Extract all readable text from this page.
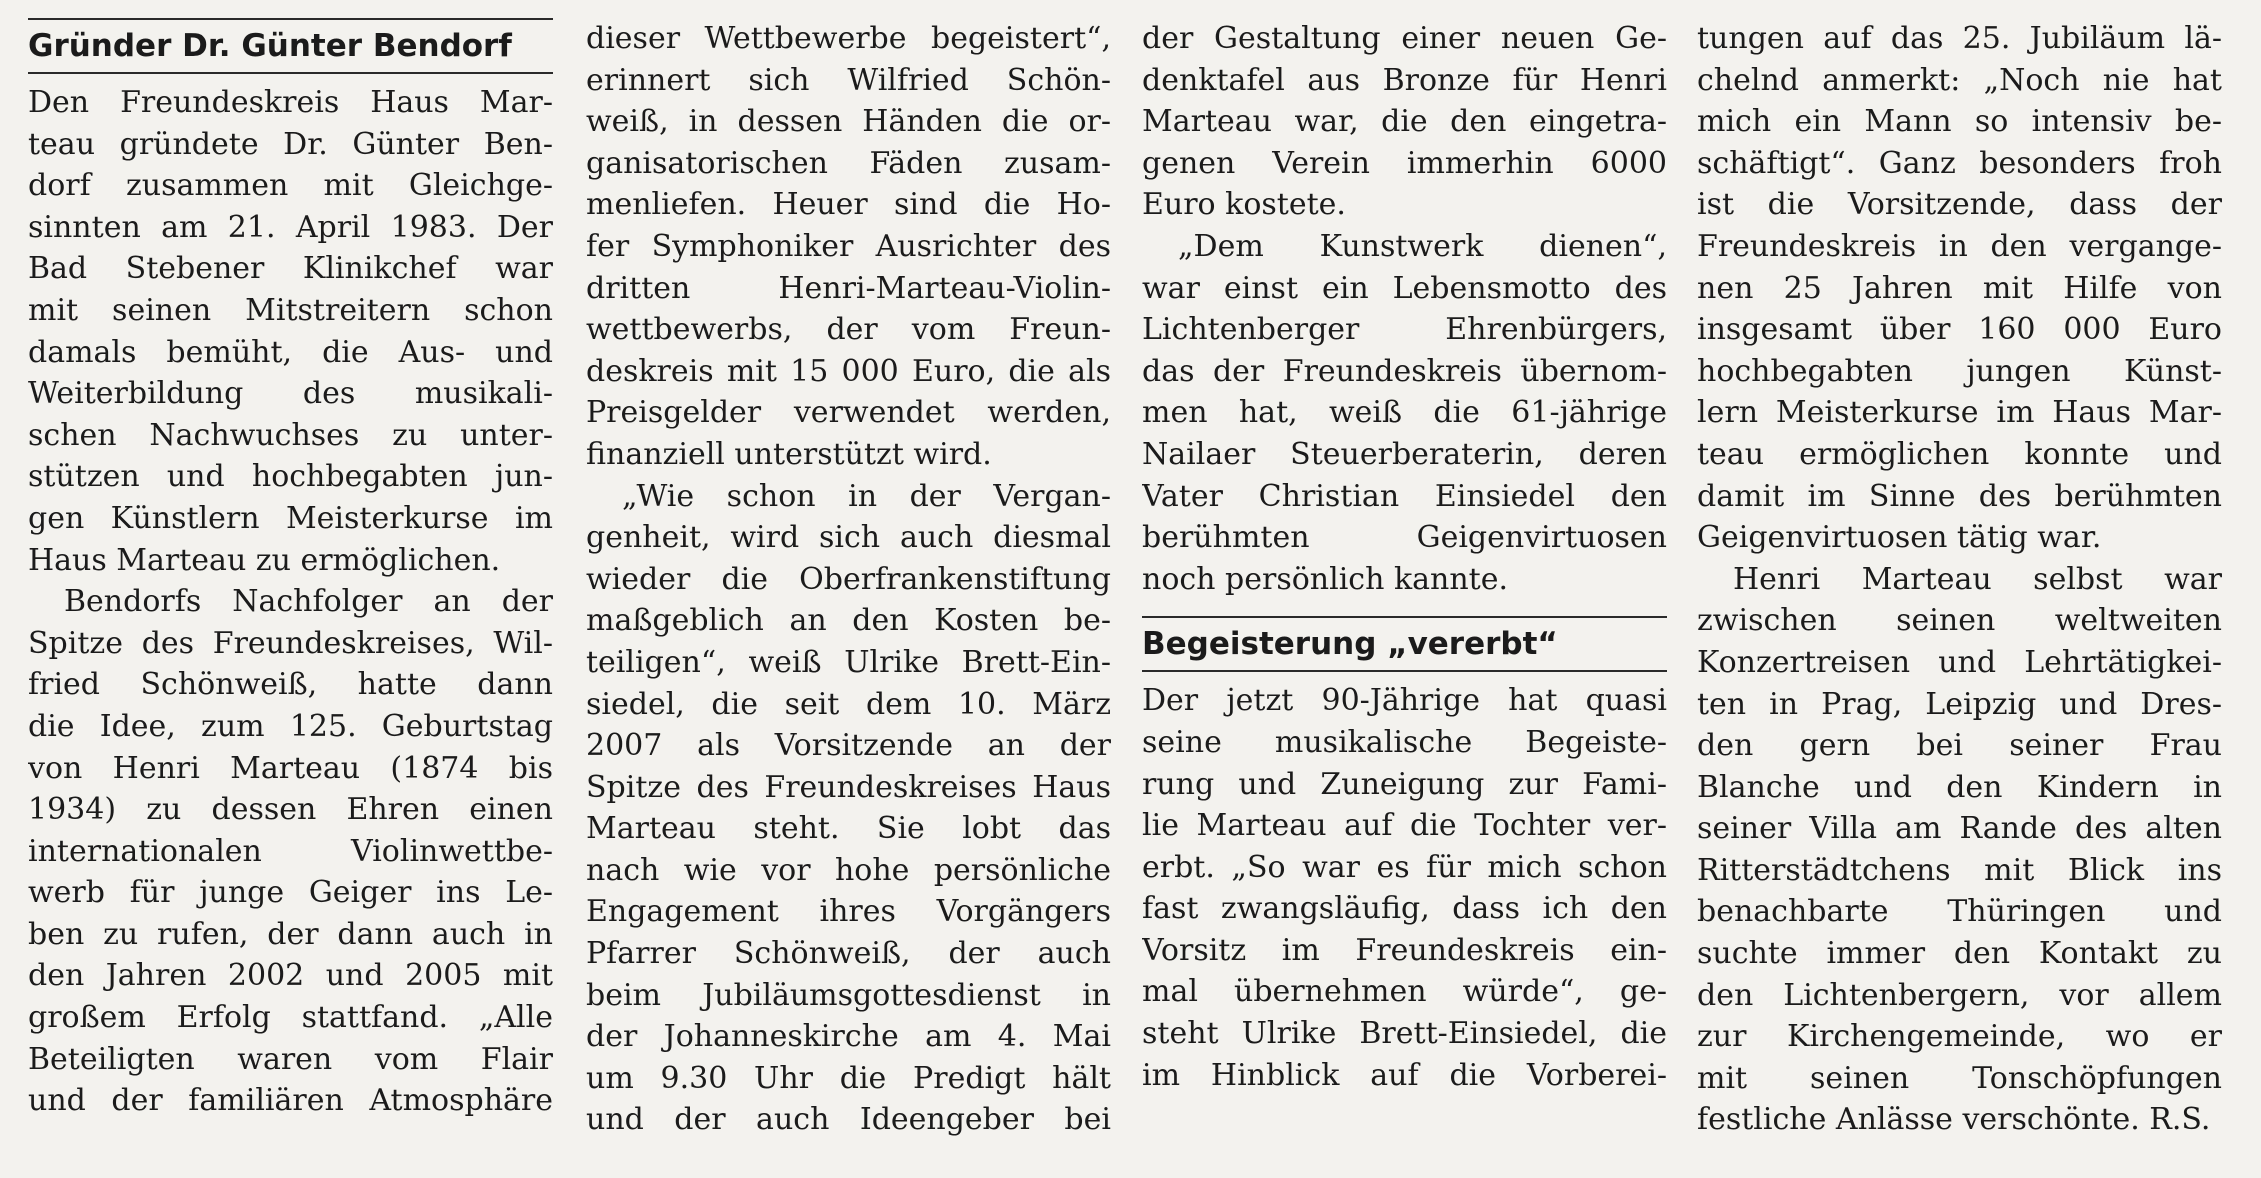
Gründer Dr. Günter Bendorf
Den Freundeskreis Haus Mar-
teau gründete Dr. Günter Ben-
dorf zusammen mit Gleichge-
sinnten am 21. April 1983. Der
Bad Stebener Klinikchef war
mit seinen Mitstreitern schon
damals bemüht, die Aus- und
Weiterbildung des musikali-
schen Nachwuchses zu unter-
stützen und hochbegabten jun-
gen Künstlern Meisterkurse im
Haus Marteau zu ermöglichen.
Bendorfs Nachfolger an der
Spitze des Freundeskreises, Wil-
fried Schönweiß, hatte dann
die Idee, zum 125. Geburtstag
von Henri Marteau (1874 bis
1934) zu dessen Ehren einen
internationalen Violinwettbe-
werb für junge Geiger ins Le-
ben zu rufen, der dann auch in
den Jahren 2002 und 2005 mit
großem Erfolg stattfand. „Alle
Beteiligten waren vom Flair
und der familiären Atmosphäre
dieser Wettbewerbe begeistert“,
erinnert sich Wilfried Schön-
weiß, in dessen Händen die or-
ganisatorischen Fäden zusam-
menliefen. Heuer sind die Ho-
fer Symphoniker Ausrichter des
dritten Henri-Marteau-Violin-
wettbewerbs, der vom Freun-
deskreis mit 15 000 Euro, die als
Preisgelder verwendet werden,
finanziell unterstützt wird.
„Wie schon in der Vergan-
genheit, wird sich auch diesmal
wieder die Oberfrankenstiftung
maßgeblich an den Kosten be-
teiligen“, weiß Ulrike Brett-Ein-
siedel, die seit dem 10. März
2007 als Vorsitzende an der
Spitze des Freundeskreises Haus
Marteau steht. Sie lobt das
nach wie vor hohe persönliche
Engagement ihres Vorgängers
Pfarrer Schönweiß, der auch
beim Jubiläumsgottesdienst in
der Johanneskirche am 4. Mai
um 9.30 Uhr die Predigt hält
und der auch Ideengeber bei
der Gestaltung einer neuen Ge-
denktafel aus Bronze für Henri
Marteau war, die den eingetra-
genen Verein immerhin 6000
Euro kostete.
„Dem Kunstwerk dienen“,
war einst ein Lebensmotto des
Lichtenberger Ehrenbürgers,
das der Freundeskreis übernom-
men hat, weiß die 61-jährige
Nailaer Steuerberaterin, deren
Vater Christian Einsiedel den
berühmten Geigenvirtuosen
noch persönlich kannte.
Begeisterung „vererbt“
Der jetzt 90-Jährige hat quasi
seine musikalische Begeiste-
rung und Zuneigung zur Fami-
lie Marteau auf die Tochter ver-
erbt. „So war es für mich schon
fast zwangsläufig, dass ich den
Vorsitz im Freundeskreis ein-
mal übernehmen würde“, ge-
steht Ulrike Brett-Einsiedel, die
im Hinblick auf die Vorberei-
tungen auf das 25. Jubiläum lä-
chelnd anmerkt: „Noch nie hat
mich ein Mann so intensiv be-
schäftigt“. Ganz besonders froh
ist die Vorsitzende, dass der
Freundeskreis in den vergange-
nen 25 Jahren mit Hilfe von
insgesamt über 160 000 Euro
hochbegabten jungen Künst-
lern Meisterkurse im Haus Mar-
teau ermöglichen konnte und
damit im Sinne des berühmten
Geigenvirtuosen tätig war.
Henri Marteau selbst war
zwischen seinen weltweiten
Konzertreisen und Lehrtätigkei-
ten in Prag, Leipzig und Dres-
den gern bei seiner Frau
Blanche und den Kindern in
seiner Villa am Rande des alten
Ritterstädtchens mit Blick ins
benachbarte Thüringen und
suchte immer den Kontakt zu
den Lichtenbergern, vor allem
zur Kirchengemeinde, wo er
mit seinen Tonschöpfungen
festliche Anlässe verschönte. R.S.
